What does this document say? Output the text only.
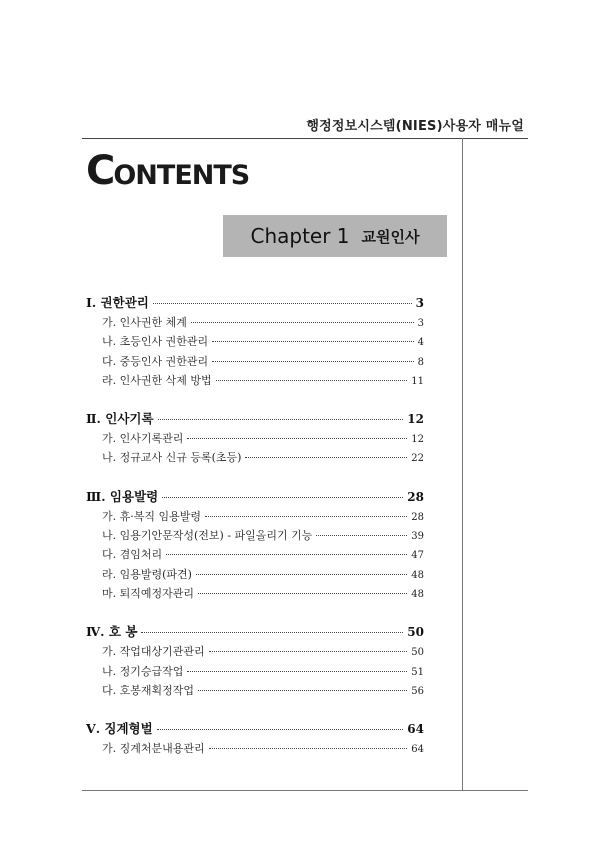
행정정보시스템(NIES)사용자 매뉴얼
CONTENTS
Chapter 1 교원인사
Ⅰ. 권한관리	3
가. 인사권한 체계	3
나. 초등인사 권한관리	4
다. 중등인사 권한관리	8
라. 인사권한 삭제 방법	11
Ⅱ. 인사기록	12
가. 인사기록관리	12
나. 정규교사 신규 등록(초등)	22
Ⅲ. 임용발령	28
가. 휴·복직 임용발령	28
나. 임용기안문작성(전보) - 파일올리기 기능	39
다. 겸임처리	47
라. 임용발령(파견)	48
마. 퇴직예정자관리	48
Ⅳ. 호 봉	50
가. 작업대상기관관리	50
나. 정기승급작업	51
다. 호봉재획정작업	56
Ⅴ. 징계형벌	64
가. 징계처분내용관리	64
